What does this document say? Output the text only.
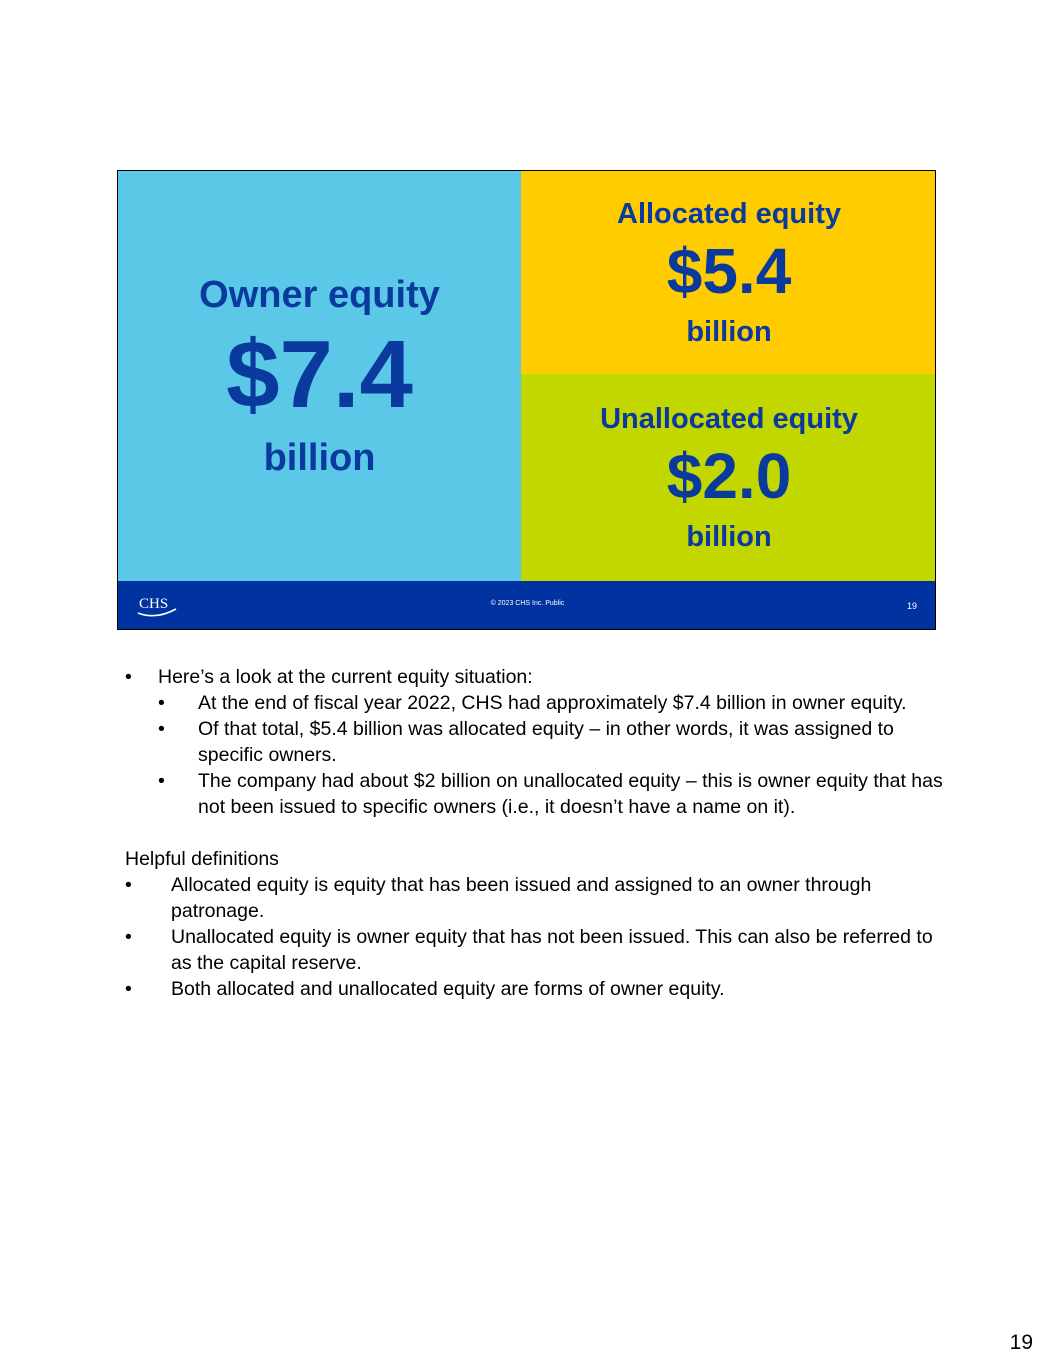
Owner equity
$7.4
billion
Allocated equity
$5.4
billion
Unallocated equity
$2.0
billion
CHS	© 2023 CHS Inc. Public	19
• Here’s a look at the current equity situation:
• At the end of fiscal year 2022, CHS had approximately $7.4 billion in owner equity.
• Of that total, $5.4 billion was allocated equity – in other words, it was assigned to specific owners.
• The company had about $2 billion on unallocated equity – this is owner equity that has not been issued to specific owners (i.e., it doesn’t have a name on it).
Helpful definitions
• Allocated equity is equity that has been issued and assigned to an owner through patronage.
• Unallocated equity is owner equity that has not been issued. This can also be referred to as the capital reserve.
• Both allocated and unallocated equity are forms of owner equity.
19
